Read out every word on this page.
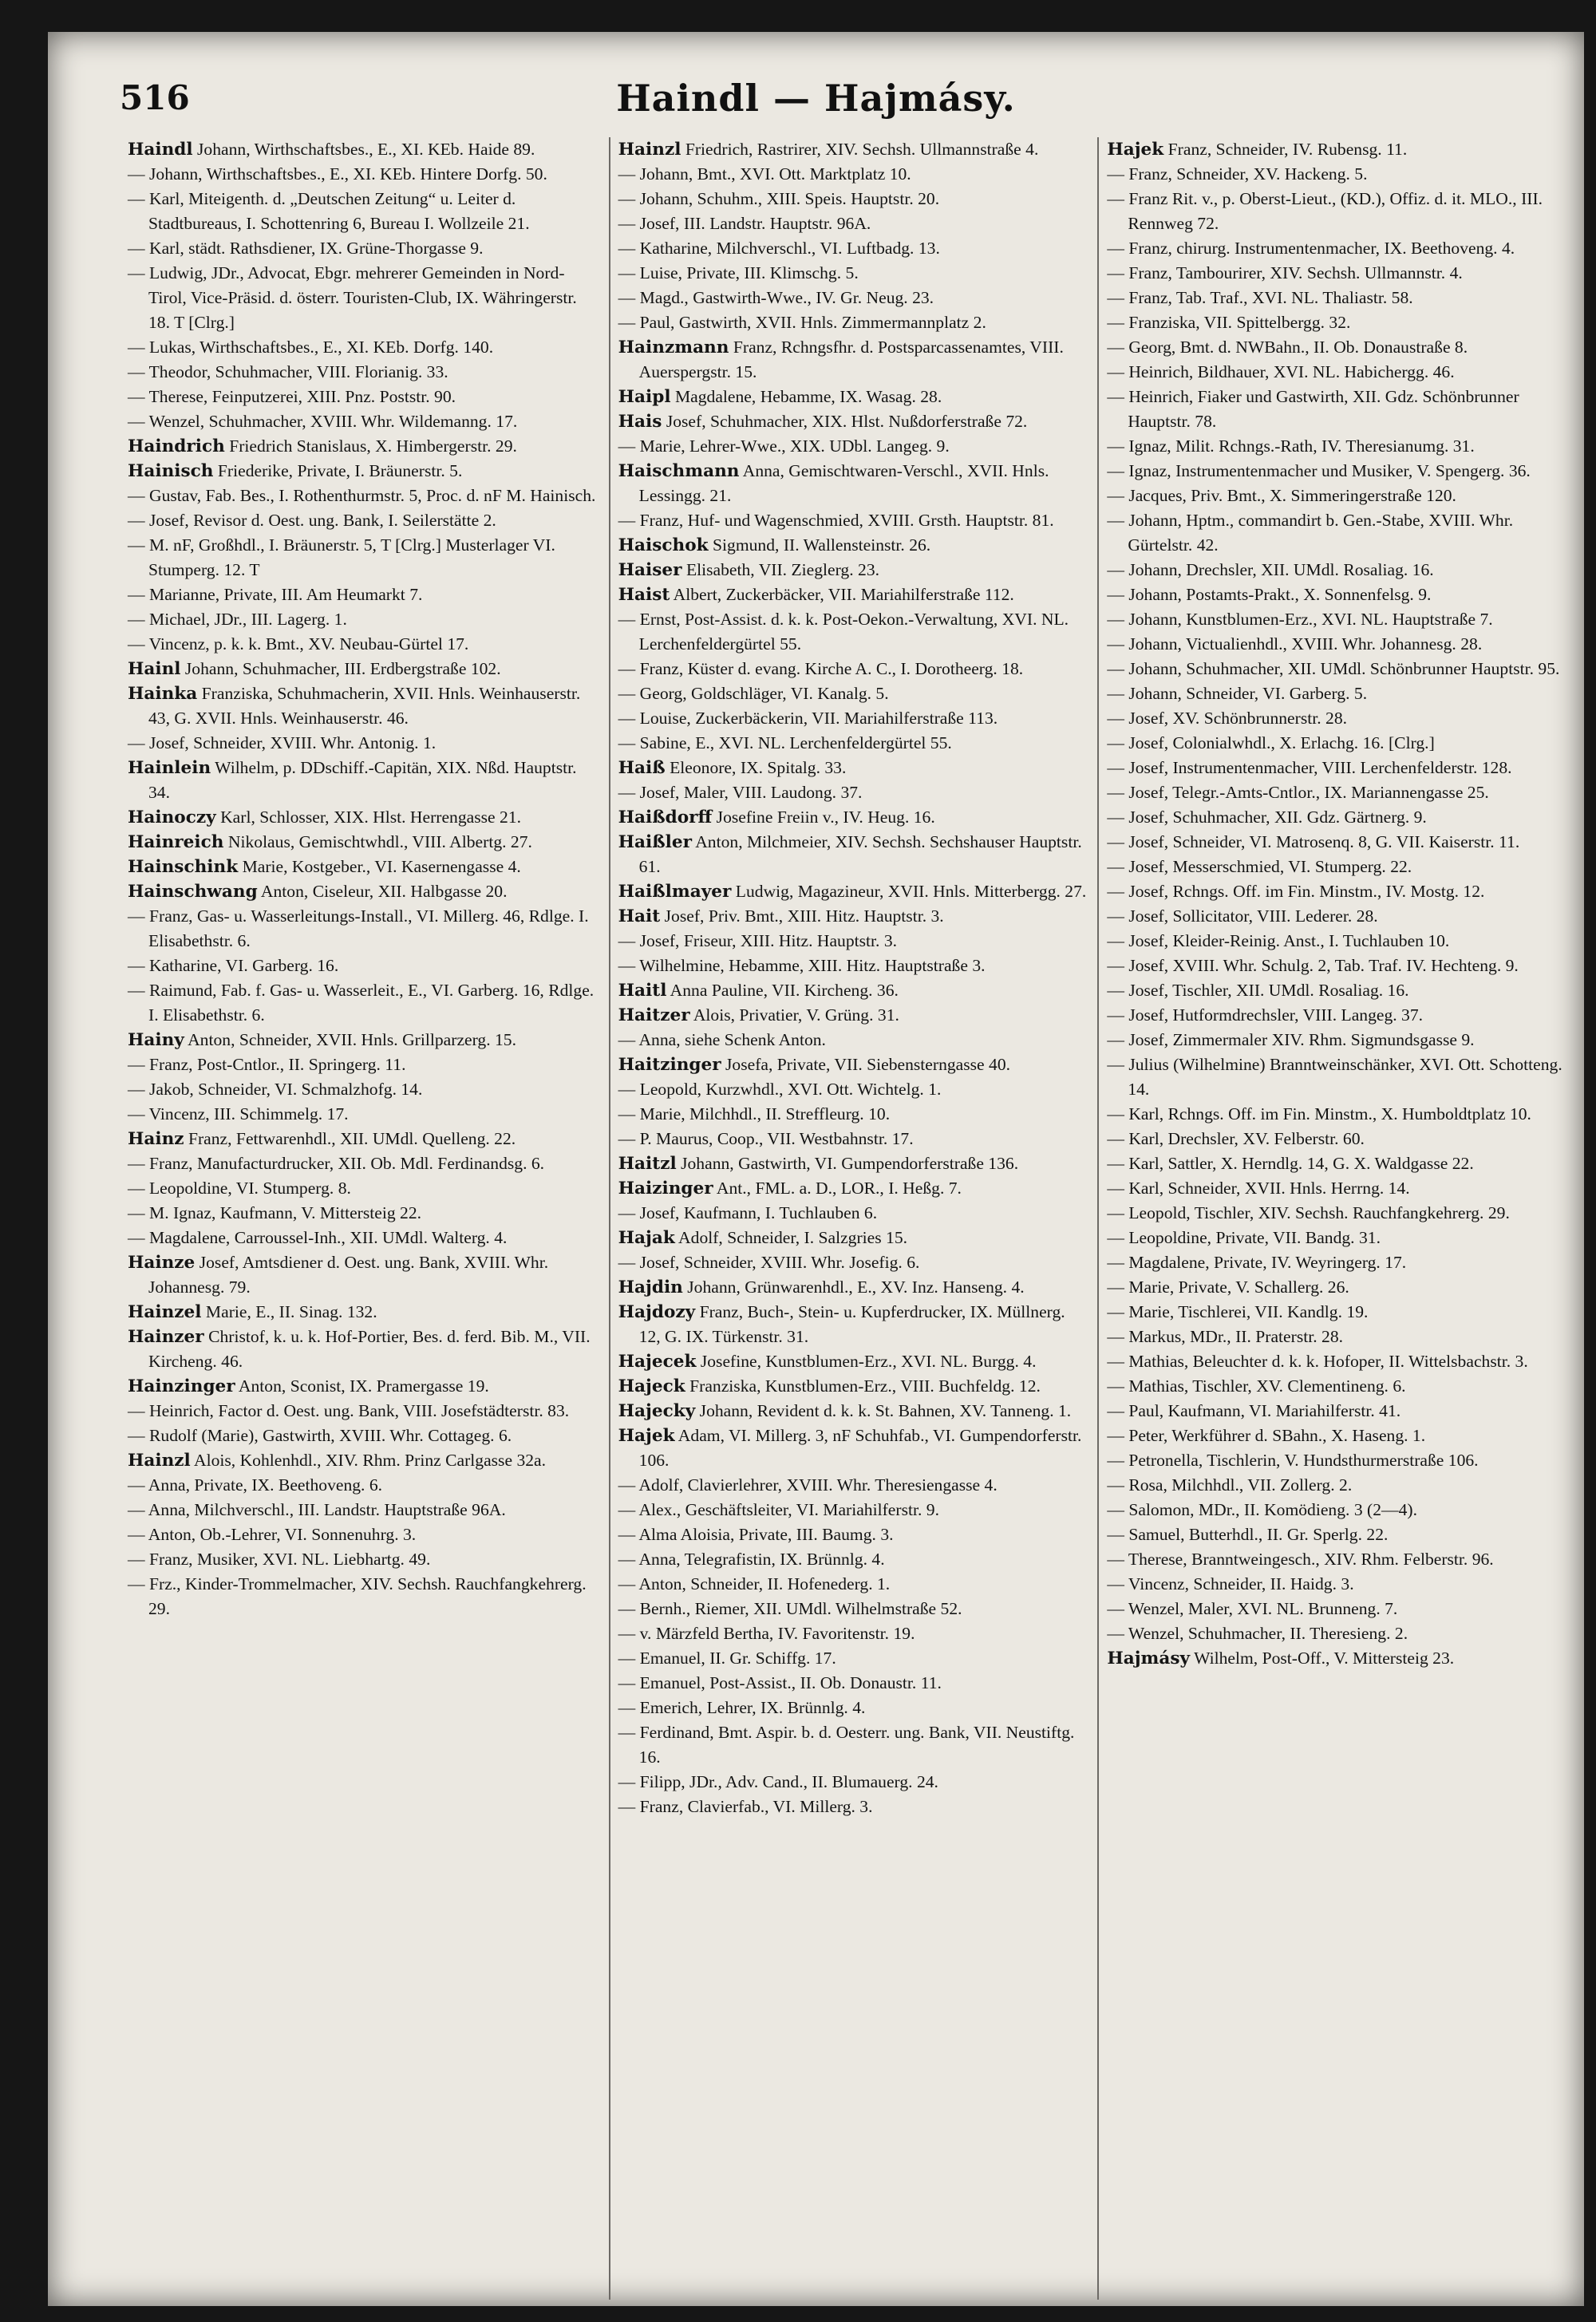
516	Haindl — Hajmásy.
Haindl Johann, Wirthschaftsbes., E., XI. KEb. Haide 89.
— Johann, Wirthschaftsbes., E., XI. KEb. Hintere Dorfg. 50.
— Karl, Miteigenth. d. „Deutschen Zeitung“ u. Leiter d. Stadtbureaus, I. Schottenring 6, Bureau I. Wollzeile 21.
— Karl, städt. Rathsdiener, IX. Grüne-Thorgasse 9.
— Ludwig, JDr., Advocat, Ebgr. mehrerer Gemeinden in Nord-Tirol, Vice-Präsid. d. österr. Touristen-Club, IX. Währingerstr. 18. T [Clrg.]
— Lukas, Wirthschaftsbes., E., XI. KEb. Dorfg. 140.
— Theodor, Schuhmacher, VIII. Florianig. 33.
— Therese, Feinputzerei, XIII. Pnz. Poststr. 90.
— Wenzel, Schuhmacher, XVIII. Whr. Wildemanng. 17.
Haindrich Friedrich Stanislaus, X. Himbergerstr. 29.
Hainisch Friederike, Private, I. Bräunerstr. 5.
— Gustav, Fab. Bes., I. Rothenthurmstr. 5, Proc. d. nF M. Hainisch.
— Josef, Revisor d. Oest. ung. Bank, I. Seilerstätte 2.
— M. nF, Großhdl., I. Bräunerstr. 5, T [Clrg.] Musterlager VI. Stumperg. 12. T
— Marianne, Private, III. Am Heumarkt 7.
— Michael, JDr., III. Lagerg. 1.
— Vincenz, p. k. k. Bmt., XV. Neubau-Gürtel 17.
Hainl Johann, Schuhmacher, III. Erdbergstraße 102.
Hainka Franziska, Schuhmacherin, XVII. Hnls. Weinhauserstr. 43, G. XVII. Hnls. Weinhauserstr. 46.
— Josef, Schneider, XVIII. Whr. Antonig. 1.
Hainlein Wilhelm, p. DDschiff.-Capitän, XIX. Nßd. Hauptstr. 34.
Hainoczy Karl, Schlosser, XIX. Hlst. Herrengasse 21.
Hainreich Nikolaus, Gemischtwhdl., VIII. Albertg. 27.
Hainschink Marie, Kostgeber., VI. Kasernengasse 4.
Hainschwang Anton, Ciseleur, XII. Halbgasse 20.
— Franz, Gas- u. Wasserleitungs-Install., VI. Millerg. 46, Rdlge. I. Elisabethstr. 6.
— Katharine, VI. Garberg. 16.
— Raimund, Fab. f. Gas- u. Wasserleit., E., VI. Garberg. 16, Rdlge. I. Elisabethstr. 6.
Hainy Anton, Schneider, XVII. Hnls. Grillparzerg. 15.
— Franz, Post-Cntlor., II. Springerg. 11.
— Jakob, Schneider, VI. Schmalzhofg. 14.
— Vincenz, III. Schimmelg. 17.
Hainz Franz, Fettwarenhdl., XII. UMdl. Quelleng. 22.
— Franz, Manufacturdrucker, XII. Ob. Mdl. Ferdinandsg. 6.
— Leopoldine, VI. Stumperg. 8.
— M. Ignaz, Kaufmann, V. Mittersteig 22.
— Magdalene, Carroussel-Inh., XII. UMdl. Walterg. 4.
Hainze Josef, Amtsdiener d. Oest. ung. Bank, XVIII. Whr. Johannesg. 79.
Hainzel Marie, E., II. Sinag. 132.
Hainzer Christof, k. u. k. Hof-Portier, Bes. d. ferd. Bib. M., VII. Kircheng. 46.
Hainzinger Anton, Sconist, IX. Pramergasse 19.
— Heinrich, Factor d. Oest. ung. Bank, VIII. Josefstädterstr. 83.
— Rudolf (Marie), Gastwirth, XVIII. Whr. Cottageg. 6.
Hainzl Alois, Kohlenhdl., XIV. Rhm. Prinz Carlgasse 32a.
— Anna, Private, IX. Beethoveng. 6.
— Anna, Milchverschl., III. Landstr. Hauptstraße 96A.
— Anton, Ob.-Lehrer, VI. Sonnenuhrg. 3.
— Franz, Musiker, XVI. NL. Liebhartg. 49.
— Frz., Kinder-Trommelmacher, XIV. Sechsh. Rauchfangkehrerg. 29.
Hainzl Friedrich, Rastrirer, XIV. Sechsh. Ullmannstraße 4.
— Johann, Bmt., XVI. Ott. Marktplatz 10.
— Johann, Schuhm., XIII. Speis. Hauptstr. 20.
— Josef, III. Landstr. Hauptstr. 96A.
— Katharine, Milchverschl., VI. Luftbadg. 13.
— Luise, Private, III. Klimschg. 5.
— Magd., Gastwirth-Wwe., IV. Gr. Neug. 23.
— Paul, Gastwirth, XVII. Hnls. Zimmermannplatz 2.
Hainzmann Franz, Rchngsfhr. d. Postsparcassenamtes, VIII. Auerspergstr. 15.
Haipl Magdalene, Hebamme, IX. Wasag. 28.
Hais Josef, Schuhmacher, XIX. Hlst. Nußdorferstraße 72.
— Marie, Lehrer-Wwe., XIX. UDbl. Langeg. 9.
Haischmann Anna, Gemischtwaren-Verschl., XVII. Hnls. Lessingg. 21.
— Franz, Huf- und Wagenschmied, XVIII. Grsth. Hauptstr. 81.
Haischok Sigmund, II. Wallensteinstr. 26.
Haiser Elisabeth, VII. Zieglerg. 23.
Haist Albert, Zuckerbäcker, VII. Mariahilferstraße 112.
— Ernst, Post-Assist. d. k. k. Post-Oekon.-Verwaltung, XVI. NL. Lerchenfeldergürtel 55.
— Franz, Küster d. evang. Kirche A. C., I. Dorotheerg. 18.
— Georg, Goldschläger, VI. Kanalg. 5.
— Louise, Zuckerbäckerin, VII. Mariahilferstraße 113.
— Sabine, E., XVI. NL. Lerchenfeldergürtel 55.
Haiß Eleonore, IX. Spitalg. 33.
— Josef, Maler, VIII. Laudong. 37.
Haißdorff Josefine Freiin v., IV. Heug. 16.
Haißler Anton, Milchmeier, XIV. Sechsh. Sechshauser Hauptstr. 61.
Haißlmayer Ludwig, Magazineur, XVII. Hnls. Mitterbergg. 27.
Hait Josef, Priv. Bmt., XIII. Hitz. Hauptstr. 3.
— Josef, Friseur, XIII. Hitz. Hauptstr. 3.
— Wilhelmine, Hebamme, XIII. Hitz. Hauptstraße 3.
Haitl Anna Pauline, VII. Kircheng. 36.
Haitzer Alois, Privatier, V. Grüng. 31.
— Anna, siehe Schenk Anton.
Haitzinger Josefa, Private, VII. Siebensterngasse 40.
— Leopold, Kurzwhdl., XVI. Ott. Wichtelg. 1.
— Marie, Milchhdl., II. Streffleurg. 10.
— P. Maurus, Coop., VII. Westbahnstr. 17.
Haitzl Johann, Gastwirth, VI. Gumpendorferstraße 136.
Haizinger Ant., FML. a. D., LOR., I. Heßg. 7.
— Josef, Kaufmann, I. Tuchlauben 6.
Hajak Adolf, Schneider, I. Salzgries 15.
— Josef, Schneider, XVIII. Whr. Josefig. 6.
Hajdin Johann, Grünwarenhdl., E., XV. Inz. Hanseng. 4.
Hajdozy Franz, Buch-, Stein- u. Kupferdrucker, IX. Müllnerg. 12, G. IX. Türkenstr. 31.
Hajecek Josefine, Kunstblumen-Erz., XVI. NL. Burgg. 4.
Hajeck Franziska, Kunstblumen-Erz., VIII. Buchfeldg. 12.
Hajecky Johann, Revident d. k. k. St. Bahnen, XV. Tanneng. 1.
Hajek Adam, VI. Millerg. 3, nF Schuhfab., VI. Gumpendorferstr. 106.
— Adolf, Clavierlehrer, XVIII. Whr. Theresiengasse 4.
— Alex., Geschäftsleiter, VI. Mariahilferstr. 9.
— Alma Aloisia, Private, III. Baumg. 3.
— Anna, Telegrafistin, IX. Brünnlg. 4.
— Anton, Schneider, II. Hofenederg. 1.
— Bernh., Riemer, XII. UMdl. Wilhelmstraße 52.
— v. Märzfeld Bertha, IV. Favoritenstr. 19.
— Emanuel, II. Gr. Schiffg. 17.
— Emanuel, Post-Assist., II. Ob. Donaustr. 11.
— Emerich, Lehrer, IX. Brünnlg. 4.
— Ferdinand, Bmt. Aspir. b. d. Oesterr. ung. Bank, VII. Neustiftg. 16.
— Filipp, JDr., Adv. Cand., II. Blumauerg. 24.
— Franz, Clavierfab., VI. Millerg. 3.
Hajek Franz, Schneider, IV. Rubensg. 11.
— Franz, Schneider, XV. Hackeng. 5.
— Franz Rit. v., p. Oberst-Lieut., (KD.), Offiz. d. it. MLO., III. Rennweg 72.
— Franz, chirurg. Instrumentenmacher, IX. Beethoveng. 4.
— Franz, Tambourirer, XIV. Sechsh. Ullmannstr. 4.
— Franz, Tab. Traf., XVI. NL. Thaliastr. 58.
— Franziska, VII. Spittelbergg. 32.
— Georg, Bmt. d. NWBahn., II. Ob. Donaustraße 8.
— Heinrich, Bildhauer, XVI. NL. Habichergg. 46.
— Heinrich, Fiaker und Gastwirth, XII. Gdz. Schönbrunner Hauptstr. 78.
— Ignaz, Milit. Rchngs.-Rath, IV. Theresianumg. 31.
— Ignaz, Instrumentenmacher und Musiker, V. Spengerg. 36.
— Jacques, Priv. Bmt., X. Simmeringerstraße 120.
— Johann, Hptm., commandirt b. Gen.-Stabe, XVIII. Whr. Gürtelstr. 42.
— Johann, Drechsler, XII. UMdl. Rosaliag. 16.
— Johann, Postamts-Prakt., X. Sonnenfelsg. 9.
— Johann, Kunstblumen-Erz., XVI. NL. Hauptstraße 7.
— Johann, Victualienhdl., XVIII. Whr. Johannesg. 28.
— Johann, Schuhmacher, XII. UMdl. Schönbrunner Hauptstr. 95.
— Johann, Schneider, VI. Garberg. 5.
— Josef, XV. Schönbrunnerstr. 28.
— Josef, Colonialwhdl., X. Erlachg. 16. [Clrg.]
— Josef, Instrumentenmacher, VIII. Lerchenfelderstr. 128.
— Josef, Telegr.-Amts-Cntlor., IX. Mariannengasse 25.
— Josef, Schuhmacher, XII. Gdz. Gärtnerg. 9.
— Josef, Schneider, VI. Matrosenq. 8, G. VII. Kaiserstr. 11.
— Josef, Messerschmied, VI. Stumperg. 22.
— Josef, Rchngs. Off. im Fin. Minstm., IV. Mostg. 12.
— Josef, Sollicitator, VIII. Lederer. 28.
— Josef, Kleider-Reinig. Anst., I. Tuchlauben 10.
— Josef, XVIII. Whr. Schulg. 2, Tab. Traf. IV. Hechteng. 9.
— Josef, Tischler, XII. UMdl. Rosaliag. 16.
— Josef, Hutformdrechsler, VIII. Langeg. 37.
— Josef, Zimmermaler XIV. Rhm. Sigmundsgasse 9.
— Julius (Wilhelmine) Branntweinschänker, XVI. Ott. Schotteng. 14.
— Karl, Rchngs. Off. im Fin. Minstm., X. Humboldtplatz 10.
— Karl, Drechsler, XV. Felberstr. 60.
— Karl, Sattler, X. Herndlg. 14, G. X. Waldgasse 22.
— Karl, Schneider, XVII. Hnls. Herrng. 14.
— Leopold, Tischler, XIV. Sechsh. Rauchfangkehrerg. 29.
— Leopoldine, Private, VII. Bandg. 31.
— Magdalene, Private, IV. Weyringerg. 17.
— Marie, Private, V. Schallerg. 26.
— Marie, Tischlerei, VII. Kandlg. 19.
— Markus, MDr., II. Praterstr. 28.
— Mathias, Beleuchter d. k. k. Hofoper, II. Wittelsbachstr. 3.
— Mathias, Tischler, XV. Clementineng. 6.
— Paul, Kaufmann, VI. Mariahilferstr. 41.
— Peter, Werkführer d. SBahn., X. Haseng. 1.
— Petronella, Tischlerin, V. Hundsthurmerstraße 106.
— Rosa, Milchhdl., VII. Zollerg. 2.
— Salomon, MDr., II. Komödieng. 3 (2—4).
— Samuel, Butterhdl., II. Gr. Sperlg. 22.
— Therese, Branntweingesch., XIV. Rhm. Felberstr. 96.
— Vincenz, Schneider, II. Haidg. 3.
— Wenzel, Maler, XVI. NL. Brunneng. 7.
— Wenzel, Schuhmacher, II. Theresieng. 2.
Hajmásy Wilhelm, Post-Off., V. Mittersteig 23.
